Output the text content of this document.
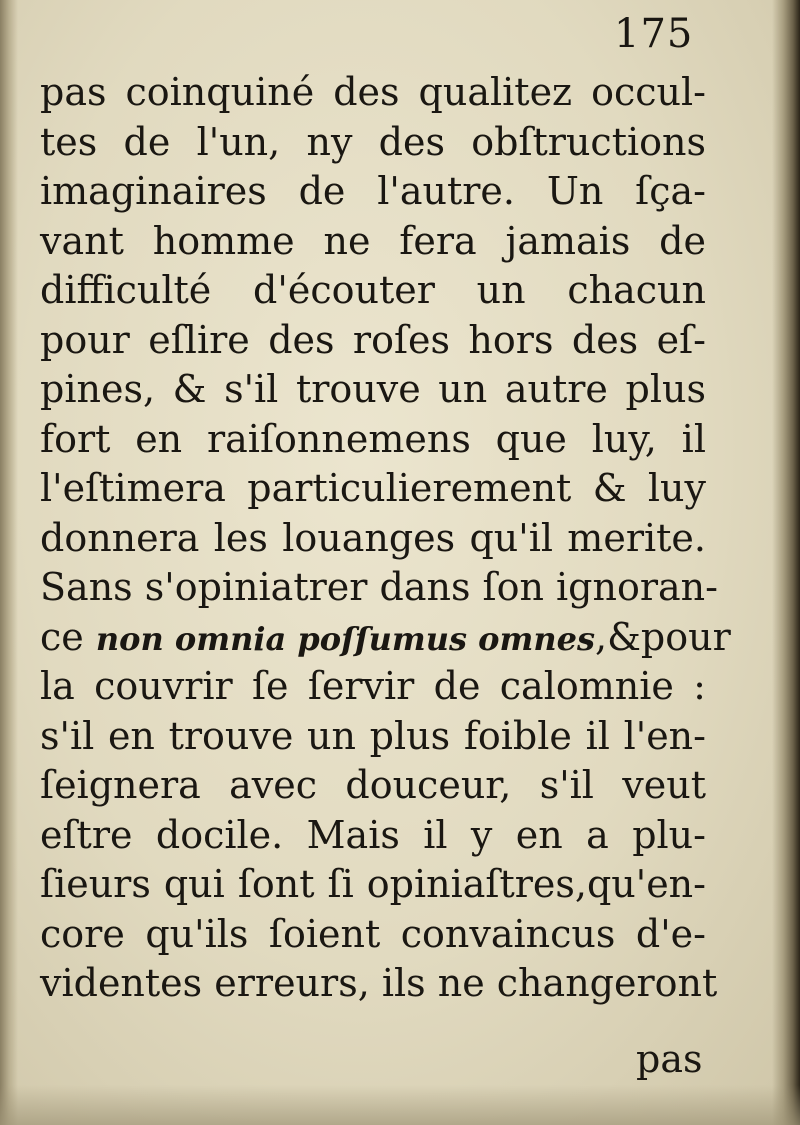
175
pas coinquiné des qualitez occul-
tes de l'un, ny des obſtructions
imaginaires de l'autre. Un ſça-
vant homme ne fera jamais de
difficulté d'écouter un chacun
pour eſlire des roſes hors des eſ-
pines, & s'il trouve un autre plus
fort en raiſonnemens que luy, il
l'eſtimera particulierement & luy
donnera les louanges qu'il merite.
Sans s'opiniatrer dans ſon ignoran-
ce non omnia poſſumus omnes,&pour
la couvrir ſe ſervir de calomnie :
s'il en trouve un plus foible il l'en-
ſeignera avec douceur, s'il veut
eſtre docile. Mais il y en a plu-
ſieurs qui ſont ſi opiniaſtres,qu'en-
core qu'ils ſoient convaincus d'e-
videntes erreurs, ils ne changeront
pas
